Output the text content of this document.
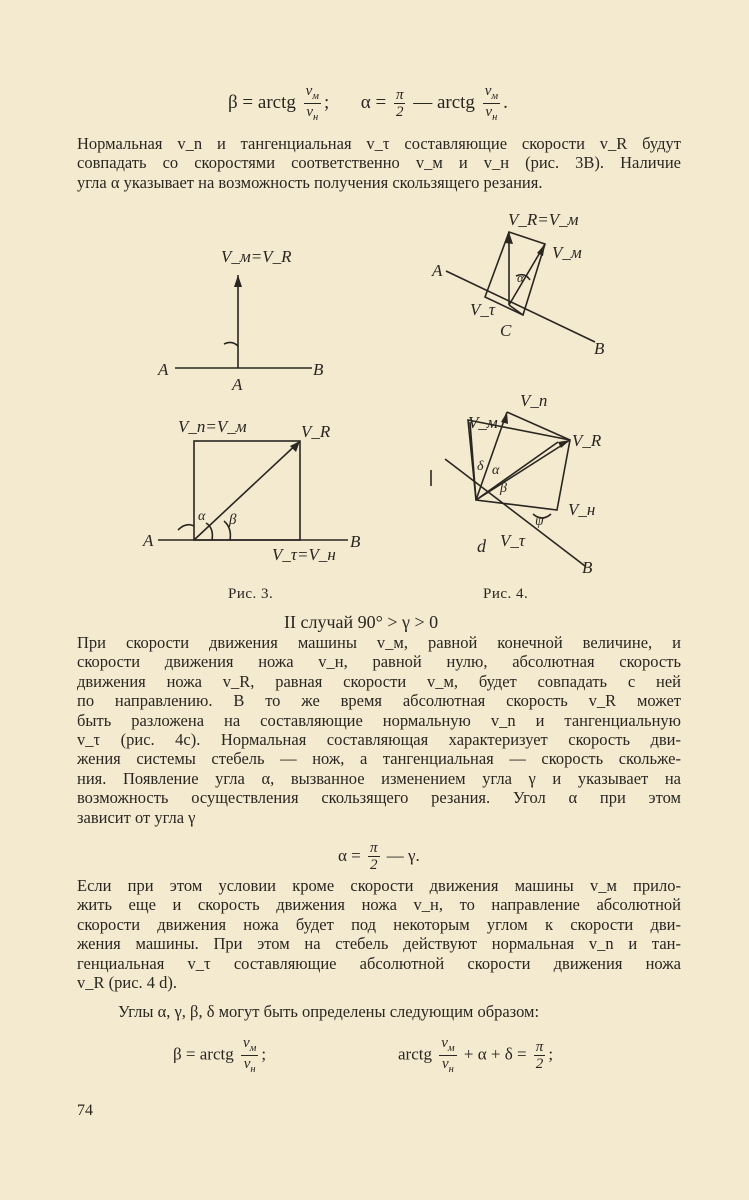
β = arctg $\frac{v_м}{v_н}$ ; $\alpha = \frac{\pi}{2}$ — arctg $\frac{v_м}{v_н}$ .
Нормальная v_n и тангенциальная v_τ составляющие скорости v_R будут
совпадать со скоростями соответственно v_м и v_н (рис. 3В). Наличие
угла α указывает на возможность получения скользящего резания.
V_м=V_R
A
A
B
V_n=V_м	V_R
A	B
α β
V_τ=V_н
V_R=V_м
V_м
A
V_τ
C
B
α
V_n
V_м
V_R
δ α
β
V_н
ψ
d V_τ
B
Рис. 3.	Рис. 4.
II случай 90° > γ > 0
При скорости движения машины v_м, равной конечной величине, и
скорости движения ножа v_н, равной нулю, абсолютная скорость
движения ножа v_R, равная скорости v_м, будет совпадать с ней
по направлению. В то же время абсолютная скорость v_R может
быть разложена на составляющие нормальную v_n и тангенциальную
v_τ (рис. 4с). Нормальная составляющая характеризует скорость дви-
жения системы стебель — нож, а тангенциальная — скорость скольже-
ния. Появление угла α, вызванное изменением угла γ и указывает на
возможность осуществления скользящего резания. Угол α при этом
зависит от угла γ
$\alpha = \frac{\pi}{2}$ — γ.
Если при этом условии кроме скорости движения машины v_м прило-
жить еще и скорость движения ножа v_н, то направление абсолютной
скорости движения ножа будет под некоторым углом к скорости дви-
жения машины. При этом на стебель действуют нормальная v_n и тан-
генциальная v_τ составляющие абсолютной скорости движения ножа
v_R (рис. 4 d).
Углы α, γ, β, δ могут быть определены следующим образом:
β = arctg $\frac{v_м}{v_н}$ ;	arctg $\frac{v_м}{v_н} + \alpha + \delta = \frac{\pi}{2}$ ;
74
